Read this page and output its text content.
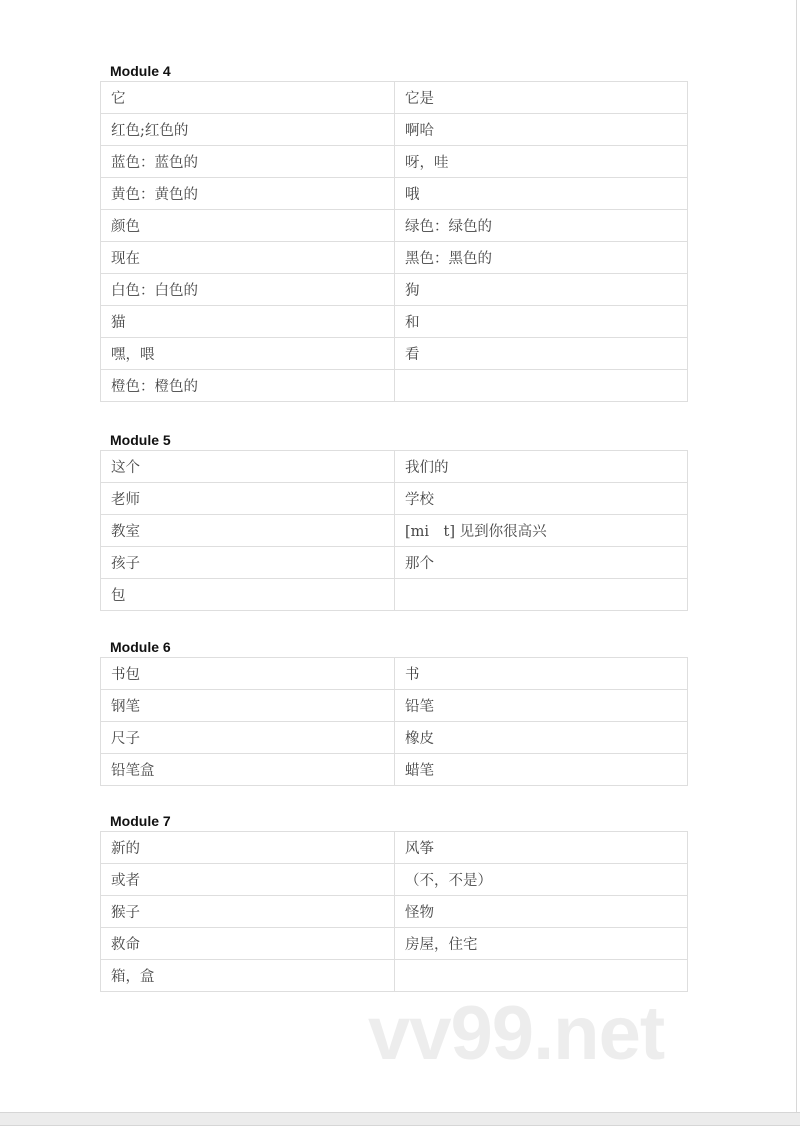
vv99.net
Module 4
它	它是
红色;红色的	啊哈
蓝色：蓝色的	呀，哇
黄色：黄色的	哦
颜色	绿色：绿色的
现在	黑色：黑色的
白色：白色的	狗
猫	和
嘿，喂	看
橙色：橙色的	
Module 5
这个	我们的
老师	学校
教室	[mi　t] 见到你很高兴
孩子	那个
包	
Module 6
书包	书
钢笔	铅笔
尺子	橡皮
铅笔盒	蜡笔
Module 7
新的	风筝
或者	（不，不是）
猴子	怪物
救命	房屋，住宅
箱，盒	
